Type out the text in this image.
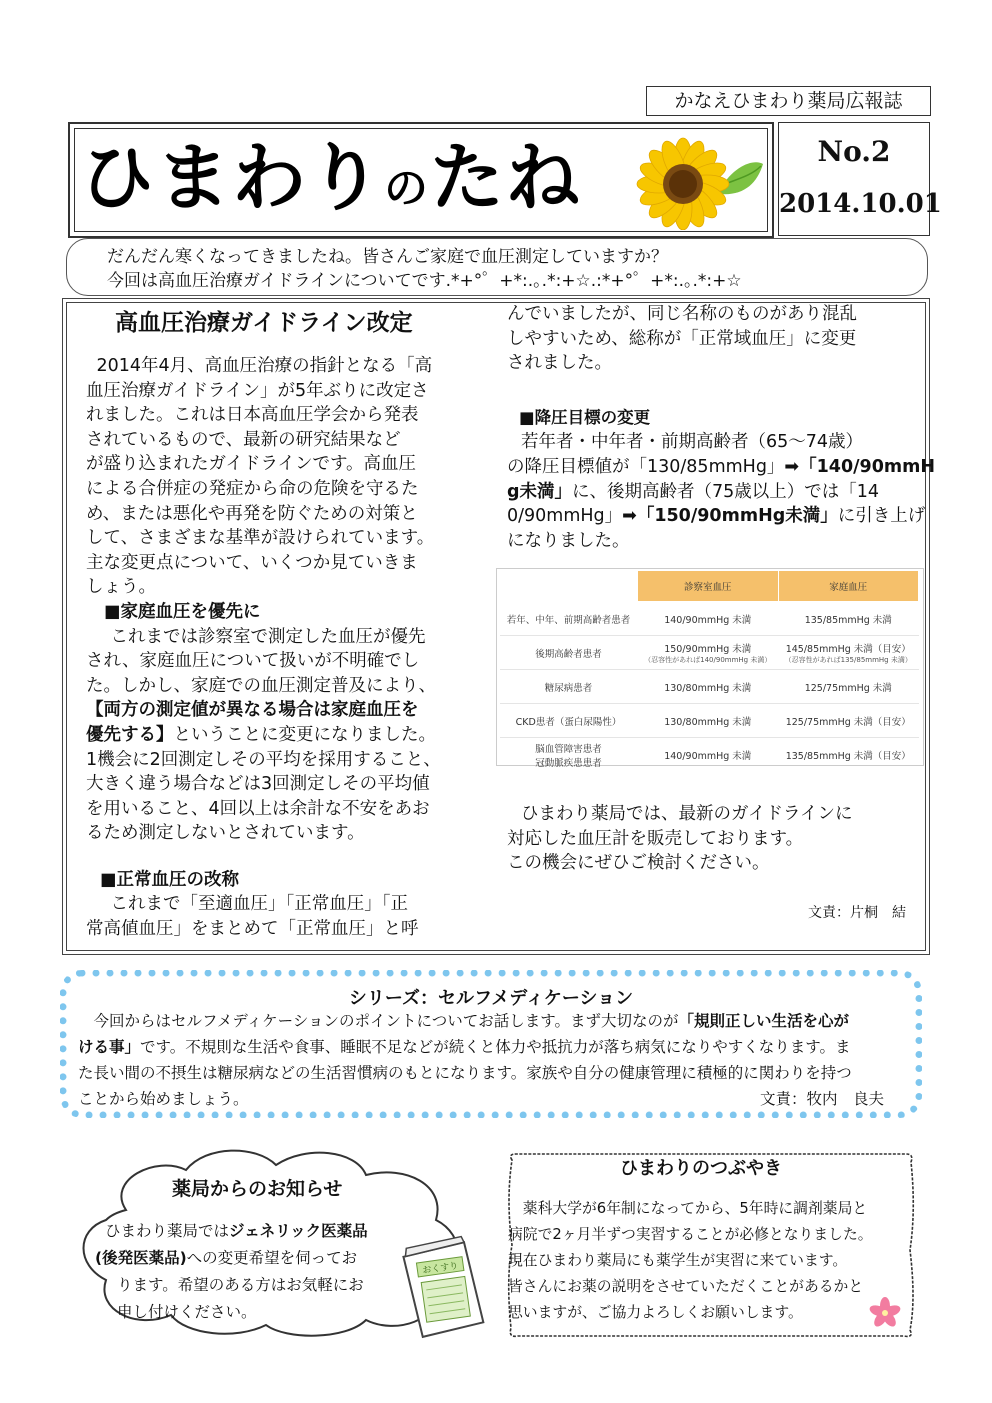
かなえひまわり薬局広報誌
ひまわりのたね	No.2
2014.10.01

だんだん寒くなってきましたね。皆さんご家庭で血圧測定していますか？

今回は高血圧治療ガイドラインについてです.*+°゜+*:.｡.*:+☆.:*+°゜+*:.｡.*:+☆

高血圧治療ガイドライン改定

2014年4月、高血圧治療の指針となる「高

血圧治療ガイドライン」が5年ぶりに改定さ

れました。これは日本高血圧学会から発表

されているもので、最新の研究結果など

が盛り込まれたガイドラインです。高血圧

による合併症の発症から命の危険を守るた

め、または悪化や再発を防ぐための対策と

して、さまざまな基準が設けられています。

主な変更点について、いくつか見ていきま

しょう。

■家庭血圧を優先に

これまでは診察室で測定した血圧が優先

され、家庭血圧について扱いが不明確でし

た。しかし、家庭での血圧測定普及により、

【両方の測定値が異なる場合は家庭血圧を

優先する】ということに変更になりました。

1機会に2回測定しその平均を採用すること、

大きく違う場合などは3回測定しその平均値

を用いること、4回以上は余計な不安をあお

るため測定しないとされています。

■正常血圧の改称

これまで「至適血圧」「正常血圧」「正

常高値血圧」をまとめて「正常血圧」と呼

んでいましたが、同じ名称のものがあり混乱

しやすいため、総称が「正常域血圧」に変更

されました。

■降圧目標の変更

若年者・中年者・前期高齢者（65～74歳）

の降圧目標値が「130/85mmHg」➡「140/90mmH

g未満」に、後期高齢者（75歳以上）では「14

0/90mmHg」➡「150/90mmHg未満」に引き上げ

になりました。

	診察室血圧	家庭血圧
若年、中年、前期高齢者患者	140/90mmHg 未満	135/85mmHg 未満
後期高齢者患者	150/90mmHg 未満
（忍容性があれば140/90mmHg 未満）	145/85mmHg 未満（目安）
（忍容性があれば135/85mmHg 未満）

糖尿病患者	130/80mmHg 未満	125/75mmHg 未満
CKD患者（蛋白尿陽性）	130/80mmHg 未満	125/75mmHg 未満（目安）
脳血管障害患者
冠動脈疾患患者	140/90mmHg 未満	135/85mmHg 未満（目安）

ひまわり薬局では、最新のガイドラインに

対応した血圧計を販売しております。

この機会にぜひご検討ください。

文責：片桐　結
シリーズ：セルフメディケーション

今回からはセルフメディケーションのポイントについてお話します。まず大切なのが「規則正しい生活を心が

ける事」です。不規則な生活や食事、睡眠不足などが続くと体力や抵抗力が落ち病気になりやすくなります。ま

た長い間の不摂生は糖尿病などの生活習慣病のもとになります。家族や自分の健康管理に積極的に関わりを持つ

ことから始めましょう。	文責：牧内　良夫

薬局からのお知らせ

ひまわり薬局ではジェネリック医薬品

(後発医薬品)への変更希望を伺ってお

ります。希望のある方はお気軽にお

申し付けください。

おくすり
ひまわりのつぶやき

　薬科大学が6年制になってから、5年時に調剤薬局と

病院で2ヶ月半ずつ実習することが必修となりました。

現在ひまわり薬局にも薬学生が実習に来ています。

皆さんにお薬の説明をさせていただくことがあるかと

思いますが、ご協力よろしくお願いします。
